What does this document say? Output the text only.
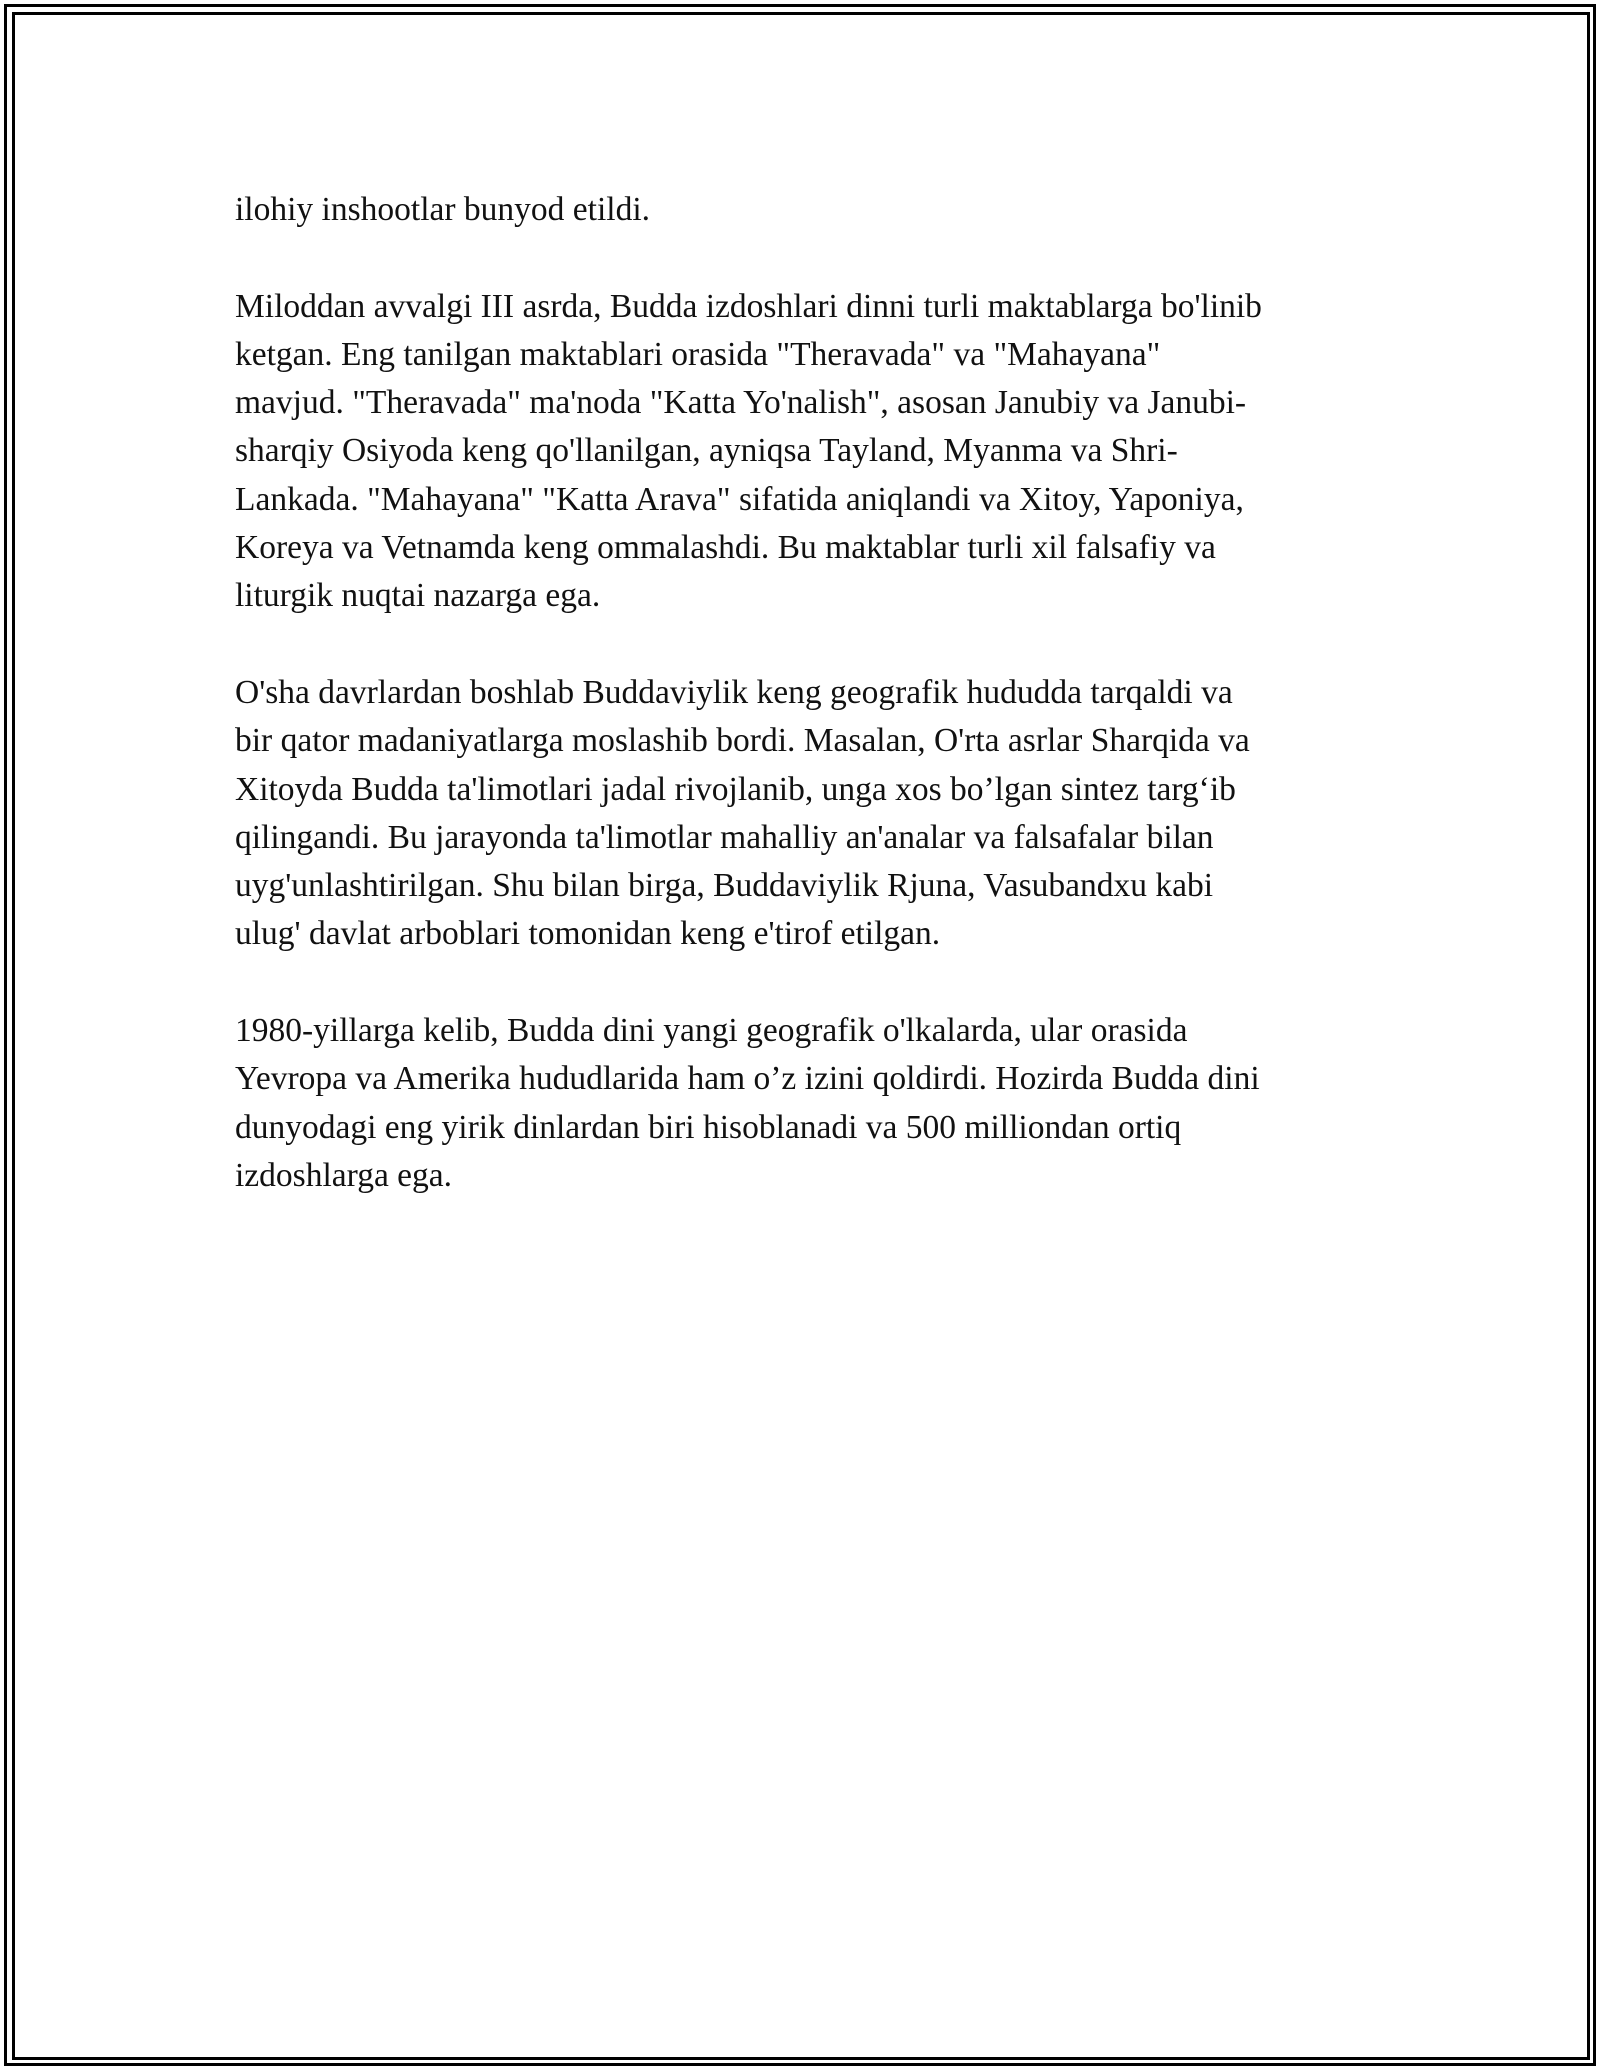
ilohiy inshootlar bunyod etildi.

Miloddan avvalgi III asrda, Budda izdoshlari dinni turli maktablarga bo'linib
ketgan. Eng tanilgan maktablari orasida "Theravada" va "Mahayana"
mavjud. "Theravada" ma'noda "Katta Yo'nalish", asosan Janubiy va Janubi-
sharqiy Osiyoda keng qo'llanilgan, ayniqsa Tayland, Myanma va Shri-
Lankada. "Mahayana" "Katta Arava" sifatida aniqlandi va Xitoy, Yaponiya,
Koreya va Vetnamda keng ommalashdi. Bu maktablar turli xil falsafiy va
liturgik nuqtai nazarga ega.

O'sha davrlardan boshlab Buddaviylik keng geografik hududda tarqaldi va
bir qator madaniyatlarga moslashib bordi. Masalan, O'rta asrlar Sharqida va
Xitoyda Budda ta'limotlari jadal rivojlanib, unga xos bo’lgan sintez targ‘ib
qilingandi. Bu jarayonda ta'limotlar mahalliy an'analar va falsafalar bilan
uyg'unlashtirilgan. Shu bilan birga, Buddaviylik Rjuna, Vasubandxu kabi
ulug' davlat arboblari tomonidan keng e'tirof etilgan.

1980-yillarga kelib, Budda dini yangi geografik o'lkalarda, ular orasida
Yevropa va Amerika hududlarida ham o’z izini qoldirdi. Hozirda Budda dini
dunyodagi eng yirik dinlardan biri hisoblanadi va 500 milliondan ortiq
izdoshlarga ega.
